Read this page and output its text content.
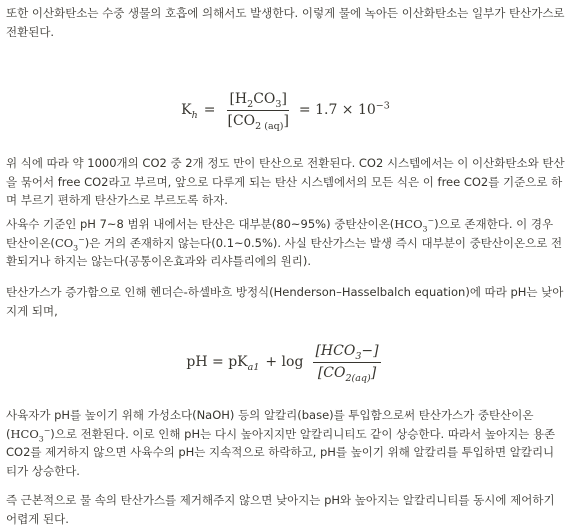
또한 이산화탄소는 수중 생물의 호흡에 의해서도 발생한다. 이렇게 물에 녹아든 이산화탄소는 일부가 탄산가스로 전환된다.

$K_h = \frac{[H_2CO_3]}{[CO_{2 (aq)}]} = 1.7 \times 10^{-3}$

위 식에 따라 약 1000개의 CO2 중 2개 정도 만이 탄산으로 전환된다. CO2 시스템에서는 이 이산화탄소와 탄산을 묶어서 free CO2라고 부르며, 앞으로 다루게 되는 탄산 시스템에서의 모든 식은 이 free CO2를 기준으로 하며 부르기 편하게 탄산가스로 부르도록 하자.

사육수 기준인 pH 7~8 범위 내에서는 탄산은 대부분(80~95%) 중탄산이온$(HCO_3^-)$으로 존재한다. 이 경우 탄산이온$(CO_3^-)$은 거의 존재하지 않는다(0.1~0.5%). 사실 탄산가스는 발생 즉시 대부분이 중탄산이온으로 전환되거나 하지는 않는다(공통이온효과와 리샤틀리에의 원리).

탄산가스가 증가함으로 인해 헨더슨-하셀바흐 방정식(Henderson–Hasselbalch equation)에 따라 pH는 낮아지게 되며,

pH = $pK_{a1} + \log \frac{[HCO_3-]}{[CO_{2(aq)}]}$

사육자가 pH를 높이기 위해 가성소다(NaOH) 등의 알칼리(base)를 투입함으로써 탄산가스가 중탄산이온$(HCO_3^-)$으로 전환된다. 이로 인해 pH는 다시 높아지지만 알칼리니티도 같이 상승한다. 따라서 높아지는 용존 CO2를 제거하지 않으면 사육수의 pH는 지속적으로 하락하고, pH를 높이기 위해 알칼리를 투입하면 알칼리니티가 상승한다.

즉 근본적으로 물 속의 탄산가스를 제거해주지 않으면 낮아지는 pH와 높아지는 알칼리니티를 동시에 제어하기 어렵게 된다.
